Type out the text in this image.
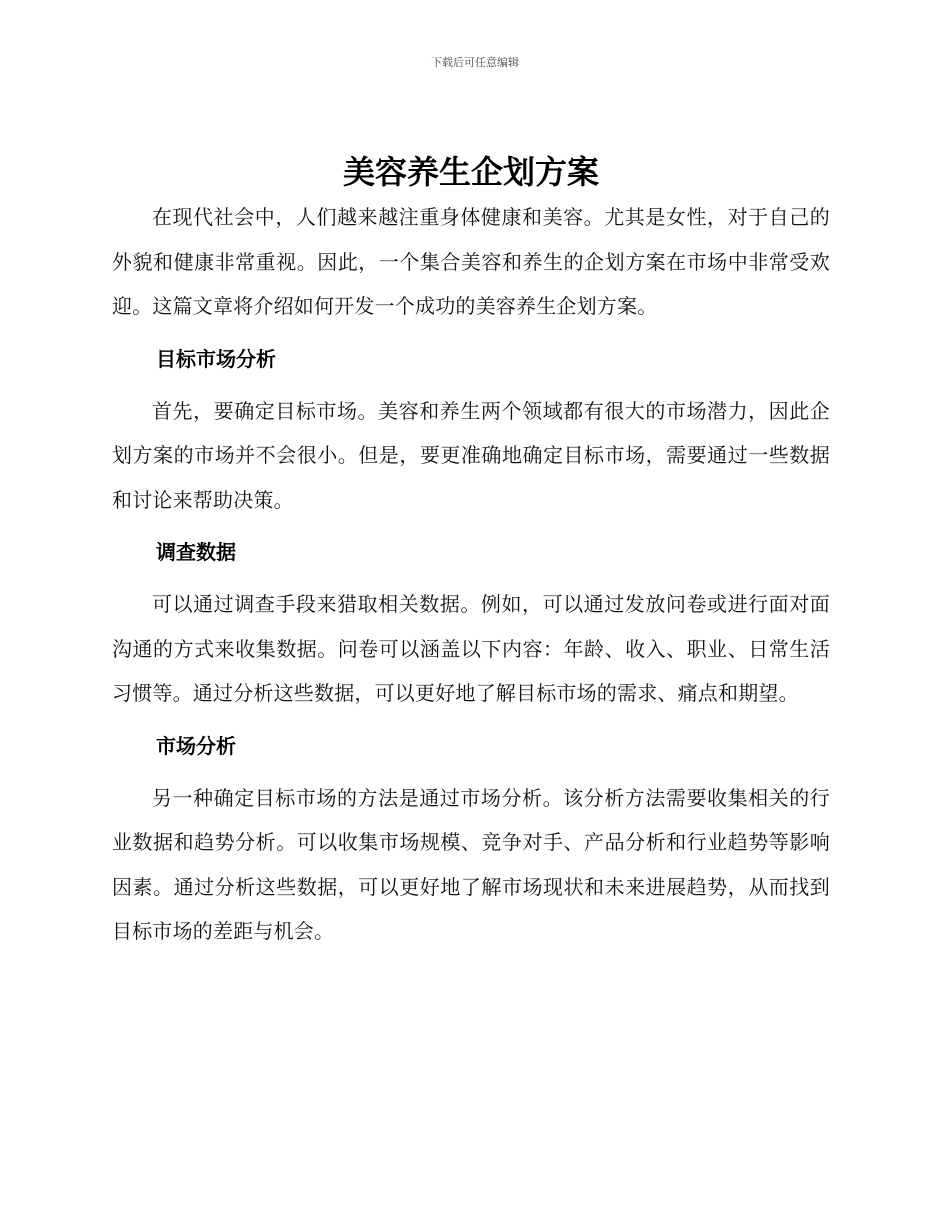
下载后可任意编辑
美容养生企划方案

在现代社会中，人们越来越注重身体健康和美容。尤其是女性，对于自己的外貌和健康非常重视。因此，一个集合美容和养生的企划方案在市场中非常受欢迎。这篇文章将介绍如何开发一个成功的美容养生企划方案。

目标市场分析

首先，要确定目标市场。美容和养生两个领域都有很大的市场潜力，因此企划方案的市场并不会很小。但是，要更准确地确定目标市场，需要通过一些数据和讨论来帮助决策。

调查数据

可以通过调查手段来猎取相关数据。例如，可以通过发放问卷或进行面对面沟通的方式来收集数据。问卷可以涵盖以下内容：年龄、收入、职业、日常生活习惯等。通过分析这些数据，可以更好地了解目标市场的需求、痛点和期望。

市场分析

另一种确定目标市场的方法是通过市场分析。该分析方法需要收集相关的行业数据和趋势分析。可以收集市场规模、竞争对手、产品分析和行业趋势等影响因素。通过分析这些数据，可以更好地了解市场现状和未来进展趋势，从而找到目标市场的差距与机会。
